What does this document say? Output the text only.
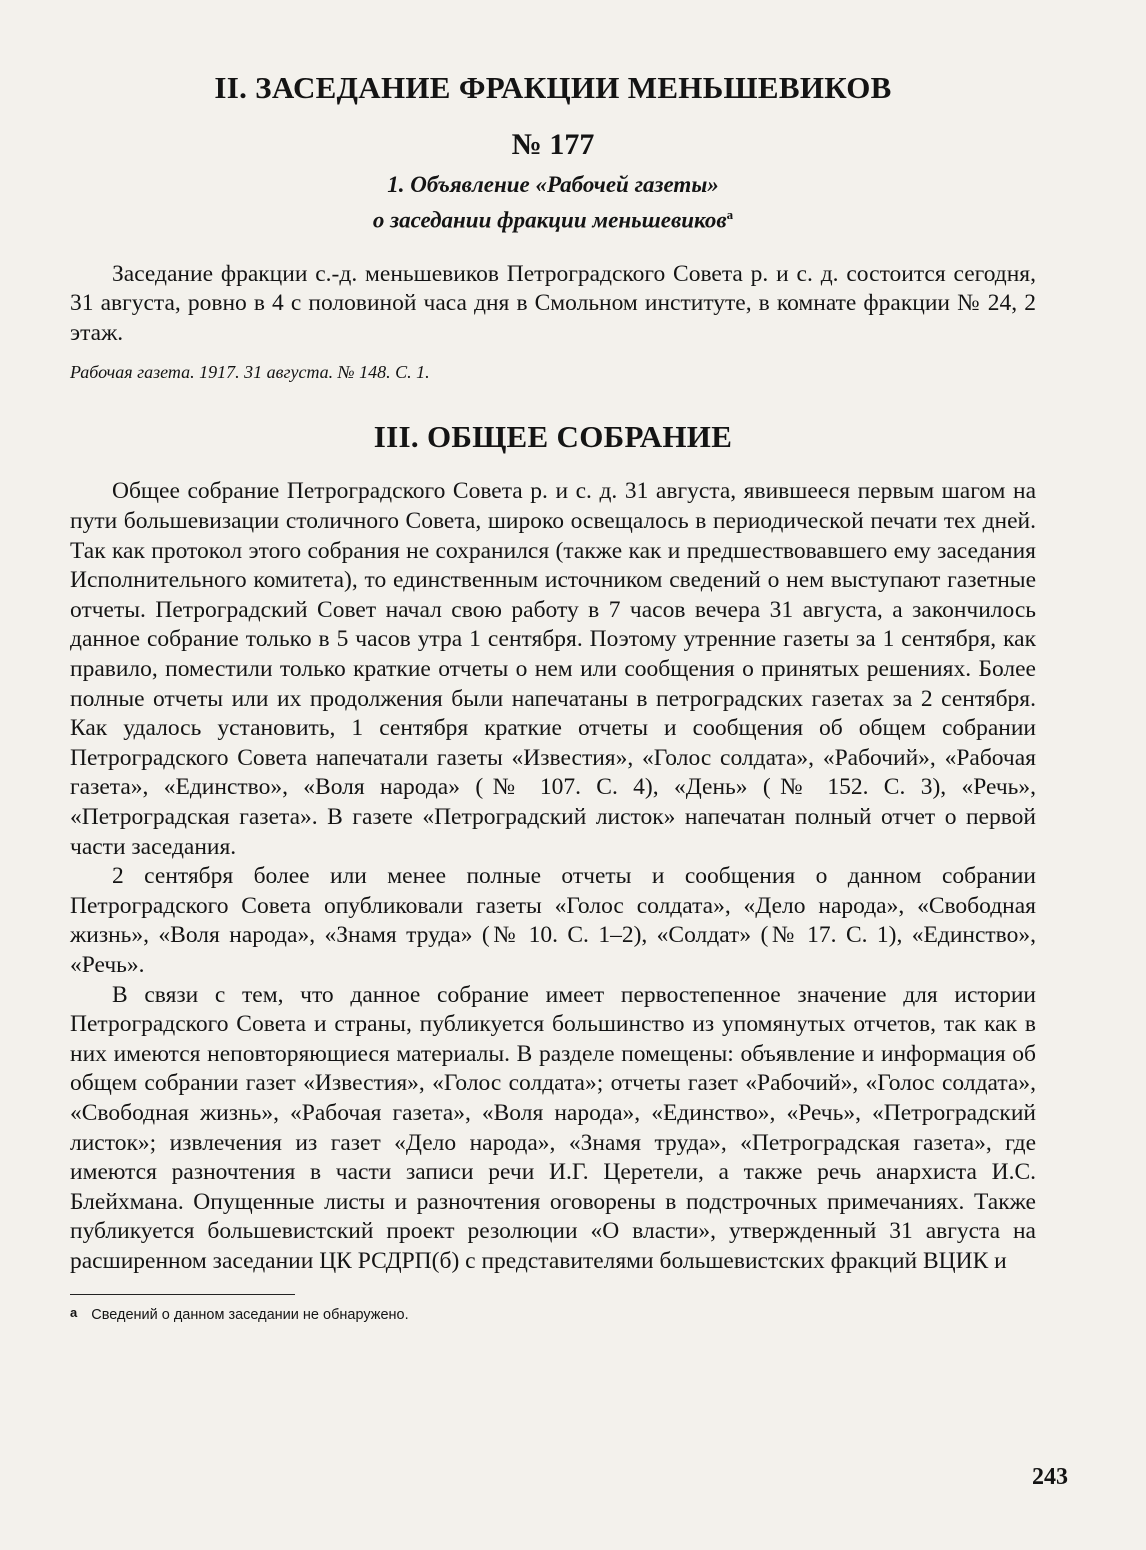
II. ЗАСЕДАНИЕ ФРАКЦИИ МЕНЬШЕВИКОВ
№ 177
1. Объявление «Рабочей газеты»
о заседании фракции меньшевиков$^а$

Заседание фракции с.-д. меньшевиков Петроградского Совета р. и с. д. состоится сегодня, 31 августа, ровно в 4 с половиной часа дня в Смольном институте, в комнате фракции № 24, 2 этаж.

Рабочая газета. 1917. 31 августа. № 148. С. 1.

III. ОБЩЕЕ СОБРАНИЕ

Общее собрание Петроградского Совета р. и с. д. 31 августа, явившееся первым шагом на пути большевизации столичного Совета, широко освещалось в периодической печати тех дней. Так как протокол этого собрания не сохранился (также как и предшествовавшего ему заседания Исполнительного комитета), то единственным источником сведений о нем выступают газетные отчеты. Петроградский Совет начал свою работу в 7 часов вечера 31 августа, а закончилось данное собрание только в 5 часов утра 1 сентября. Поэтому утренние газеты за 1 сентября, как правило, поместили только краткие отчеты о нем или сообщения о принятых решениях. Более полные отчеты или их продолжения были напечатаны в петроградских газетах за 2 сентября. Как удалось установить, 1 сентября краткие отчеты и сообщения об общем собрании Петроградского Совета напечатали газеты «Известия», «Голос солдата», «Рабочий», «Рабочая газета», «Единство», «Воля народа» (№ 107. С. 4), «День» (№ 152. С. 3), «Речь», «Петроградская газета». В газете «Петроградский листок» напечатан полный отчет о первой части заседания.

2 сентября более или менее полные отчеты и сообщения о данном собрании Петроградского Совета опубликовали газеты «Голос солдата», «Дело народа», «Свободная жизнь», «Воля народа», «Знамя труда» (№ 10. С. 1–2), «Солдат» (№ 17. С. 1), «Единство», «Речь».

В связи с тем, что данное собрание имеет первостепенное значение для истории Петроградского Совета и страны, публикуется большинство из упомянутых отчетов, так как в них имеются неповторяющиеся материалы. В разделе помещены: объявление и информация об общем собрании газет «Известия», «Голос солдата»; отчеты газет «Рабочий», «Голос солдата», «Свободная жизнь», «Рабочая газета», «Воля народа», «Единство», «Речь», «Петроградский листок»; извлечения из газет «Дело народа», «Знамя труда», «Петроградская газета», где имеются разночтения в части записи речи И.Г. Церетели, а также речь анархиста И.С. Блейхмана. Опущенные листы и разночтения оговорены в подстрочных примечаниях. Также публикуется большевистский проект резолюции «О власти», утвержденный 31 августа на расширенном заседании ЦК РСДРП(б) с представителями большевистских фракций ВЦИК и

а Сведений о данном заседании не обнаружено.
243
